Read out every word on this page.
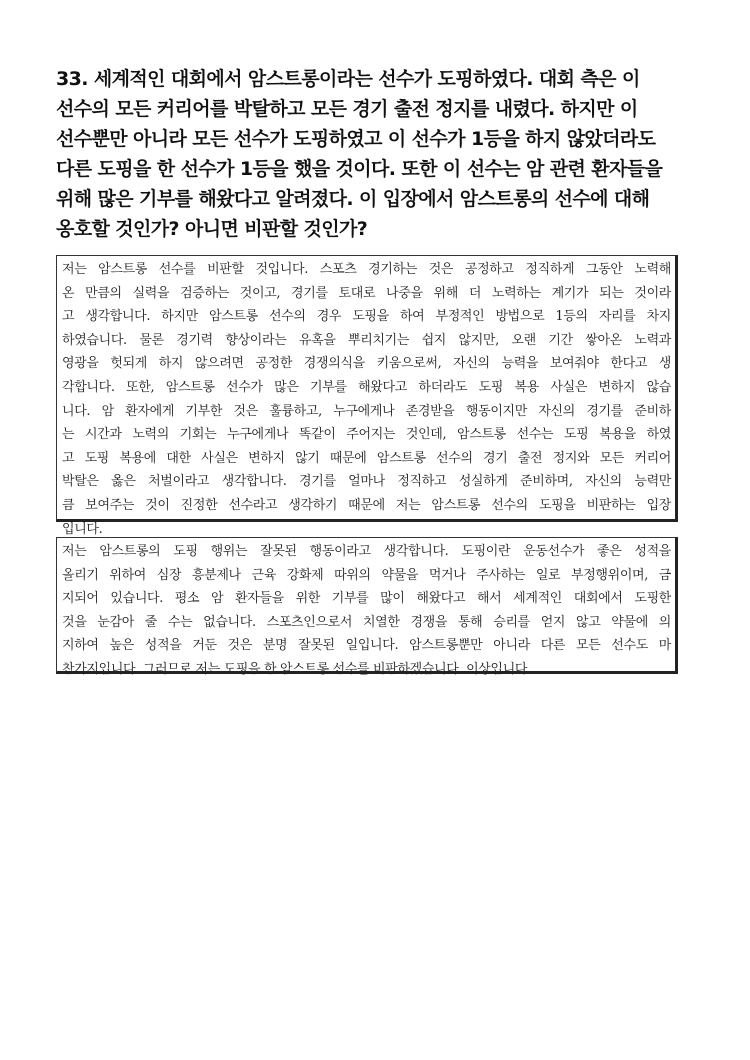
33. 세계적인 대회에서 암스트롱이라는 선수가 도핑하였다. 대회 측은 이
선수의 모든 커리어를 박탈하고 모든 경기 출전 정지를 내렸다. 하지만 이
선수뿐만 아니라 모든 선수가 도핑하였고 이 선수가 1등을 하지 않았더라도
다른 도핑을 한 선수가 1등을 했을 것이다. 또한 이 선수는 암 관련 환자들을
위해 많은 기부를 해왔다고 알려졌다. 이 입장에서 암스트롱의 선수에 대해
옹호할 것인가? 아니면 비판할 것인가?
저는 암스트롱 선수를 비판할 것입니다. 스포츠 경기하는 것은 공정하고 정직하게 그동안 노력해
온 만큼의 실력을 검증하는 것이고, 경기를 토대로 나중을 위해 더 노력하는 계기가 되는 것이라
고 생각합니다. 하지만 암스트롱 선수의 경우 도핑을 하여 부정적인 방법으로 1등의 자리를 차지
하였습니다. 물론 경기력 향상이라는 유혹을 뿌리치기는 쉽지 않지만, 오랜 기간 쌓아온 노력과
영광을 헛되게 하지 않으려면 공정한 경쟁의식을 키움으로써, 자신의 능력을 보여줘야 한다고 생
각합니다. 또한, 암스트롱 선수가 많은 기부를 해왔다고 하더라도 도핑 복용 사실은 변하지 않습
니다. 암 환자에게 기부한 것은 훌륭하고, 누구에게나 존경받을 행동이지만 자신의 경기를 준비하
는 시간과 노력의 기회는 누구에게나 똑같이 주어지는 것인데, 암스트롱 선수는 도핑 복용을 하였
고 도핑 복용에 대한 사실은 변하지 않기 때문에 암스트롱 선수의 경기 출전 정지와 모든 커리어
박탈은 옳은 처벌이라고 생각합니다. 경기를 얼마나 정직하고 성실하게 준비하며, 자신의 능력만
큼 보여주는 것이 진정한 선수라고 생각하기 때문에 저는 암스트롱 선수의 도핑을 비판하는 입장
입니다.
저는 암스트롱의 도핑 행위는 잘못된 행동이라고 생각합니다. 도핑이란 운동선수가 좋은 성적을
올리기 위하여 심장 흥분제나 근육 강화제 따위의 약물을 먹거나 주사하는 일로 부정행위이며, 금
지되어 있습니다. 평소 암 환자들을 위한 기부를 많이 해왔다고 해서 세계적인 대회에서 도핑한
것을 눈감아 줄 수는 없습니다. 스포츠인으로서 치열한 경쟁을 통해 승리를 얻지 않고 약물에 의
지하여 높은 성적을 거둔 것은 분명 잘못된 일입니다. 암스트롱뿐만 아니라 다른 모든 선수도 마
찬가지입니다. 그러므로 저는 도핑을 한 암스트롱 선수를 비판하겠습니다. 이상입니다.
